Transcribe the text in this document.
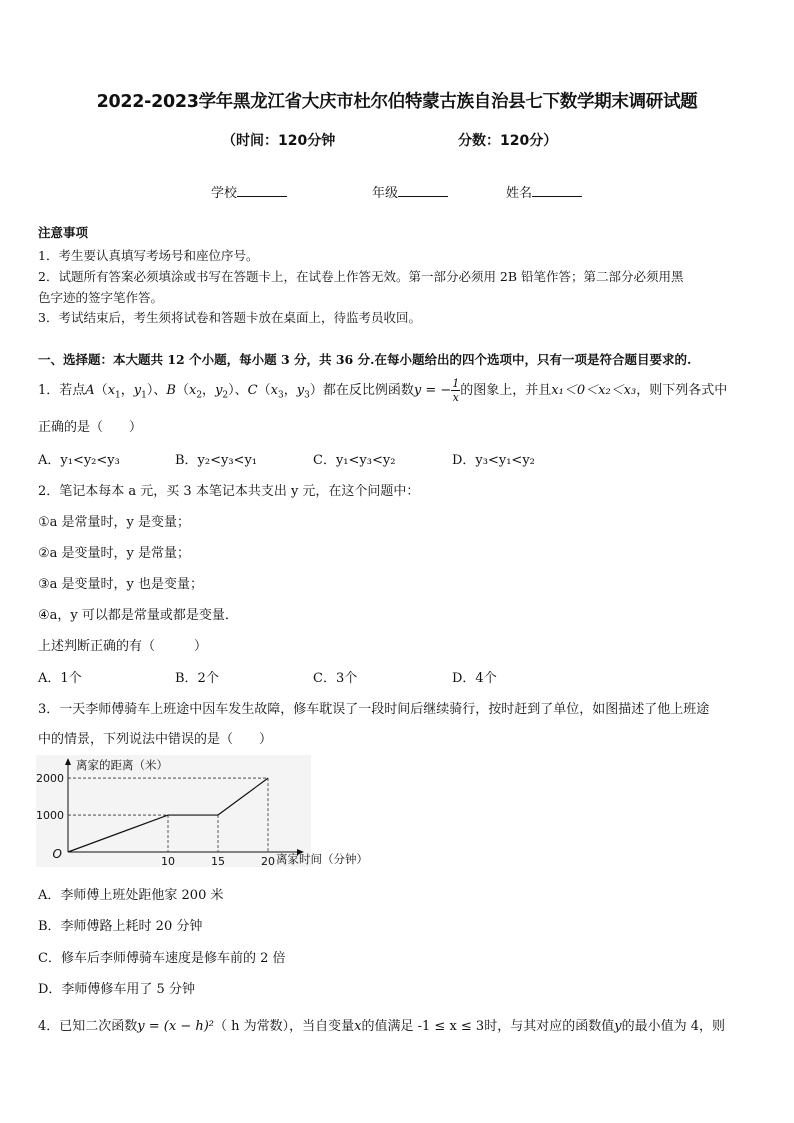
2022-2023学年黑龙江省大庆市杜尔伯特蒙古族自治县七下数学期末调研试题
（时间：120分钟	分数：120分）
学校	年级	姓名
注意事项
1．考生要认真填写考场号和座位序号。
2．试题所有答案必须填涂或书写在答题卡上，在试卷上作答无效。第一部分必须用 2B 铅笔作答；第二部分必须用黑
色字迹的签字笔作答。
3．考试结束后，考生须将试卷和答题卡放在桌面上，待监考员收回。
一、选择题：本大题共 12 个小题，每小题 3 分，共 36 分.在每小题给出的四个选项中，只有一项是符合题目要求的.
1．若点$A(x_1$，$y_1$）、$B(x_2$，$y_2$）、$C(x_3$，$y_3$）都在反比例函数y = − $\frac{1}{x}$ 的图象上，并且x₁＜0＜x₂＜x₃，则下列各式中
正确的是（　　）
A．y₁<y₂<y₃	B．y₂<y₃<y₁	C．y₁<y₃<y₂	D．y₃<y₁<y₂
2．笔记本每本 a 元，买 3 本笔记本共支出 y 元，在这个问题中：
①a 是常量时，y 是变量；
②a 是变量时，y 是常量；
③a 是变量时，y 也是变量；
④a，y 可以都是常量或都是变量．
上述判断正确的有（　　　）
A．1个	B．2个	C．3个	D．4个
3．一天李师傅骑车上班途中因车发生故障，修车耽误了一段时间后继续骑行，按时赶到了单位，如图描述了他上班途
中的情景，下列说法中错误的是（　　）
1000
2000
10	15	20
O
离家的距离（米）
离家时间（分钟）
A．李师傅上班处距他家 200 米
B．李师傅路上耗时 20 分钟
C．修车后李师傅骑车速度是修车前的 2 倍
D．李师傅修车用了 5 分钟
4．已知二次函数y = (x − h)²（ h 为常数），当自变量x的值满足 -1 ≤ x ≤ 3时，与其对应的函数值y的最小值为 4，则
